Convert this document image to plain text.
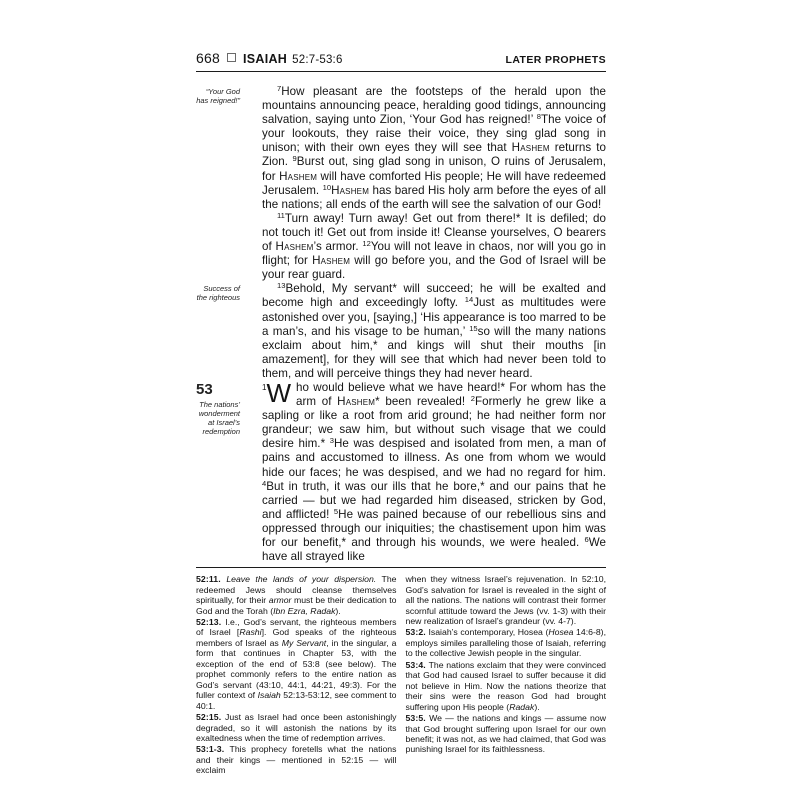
668 ISAIAH 52:7-53:6	LATER PROPHETS
“Your God has reigned!”

$^7$How pleasant are the footsteps of the herald upon the mountains announcing peace, heralding good tidings, announcing salvation, saying unto Zion, ‘Your God has reigned!’ $^8$The voice of your lookouts, they raise their voice, they sing glad song in unison; with their own eyes they will see that Hashem returns to Zion. $^9$Burst out, sing glad song in unison, O ruins of Jerusalem, for Hashem will have comforted His people; He will have redeemed Jerusalem. $^{10}$Hashem has bared His holy arm before the eyes of all the nations; all ends of the earth will see the salvation of our God!

$^{11}$Turn away! Turn away! Get out from there!* It is defiled; do not touch it! Get out from inside it! Cleanse yourselves, O bearers of Hashem’s armor. $^{12}$You will not leave in chaos, nor will you go in flight; for Hashem will go before you, and the God of Israel will be your rear guard.

Success of the righteous

$^{13}$Behold, My servant* will succeed; he will be exalted and become high and exceedingly lofty. $^{14}$Just as multitudes were astonished over you, [saying,] ‘His appearance is too marred to be a man’s, and his visage to be human,’ $^{15}$so will the many nations exclaim about him,* and kings will shut their mouths [in amazement], for they will see that which had never been told to them, and will perceive things they had never heard.

53
The nations’ wonderment at Israel’s redemption

$^1$W ho would believe what we have heard!* For whom has the arm of Hashem* been revealed! $^2$Formerly he grew like a sapling or like a root from arid ground; he had neither form nor grandeur; we saw him, but without such visage that we could desire him.* $^3$He was despised and isolated from men, a man of pains and accustomed to illness. As one from whom we would hide our faces; he was despised, and we had no regard for him. $^4$But in truth, it was our ills that he bore,* and our pains that he carried — but we had regarded him diseased, stricken by God, and afflicted! $^5$He was pained because of our rebellious sins and oppressed through our iniquities; the chastisement upon him was for our benefit,* and through his wounds, we were healed. $^6$We have all strayed like

52:11. Leave the lands of your dispersion. The redeemed Jews should cleanse themselves spiritually, for their armor must be their dedication to God and the Torah (Ibn Ezra, Radak).

52:13. I.e., God’s servant, the righteous members of Israel [Rashi]. God speaks of the righteous members of Israel as My Servant, in the singular, a form that continues in Chapter 53, with the exception of the end of 53:8 (see below). The prophet commonly refers to the entire nation as God’s servant (43:10, 44:1, 44:21, 49:3). For the fuller context of Isaiah 52:13-53:12, see comment to 40:1.

52:15. Just as Israel had once been astonishingly degraded, so it will astonish the nations by its exaltedness when the time of redemption arrives.

53:1-3. This prophecy foretells what the nations and their kings — mentioned in 52:15 — will exclaim

when they witness Israel’s rejuvenation. In 52:10, God’s salvation for Israel is revealed in the sight of all the nations. The nations will contrast their former scornful attitude toward the Jews (vv. 1-3) with their new realization of Israel’s grandeur (vv. 4-7).

53:2. Isaiah’s contemporary, Hosea (Hosea 14:6-8), employs similes paralleling those of Isaiah, referring to the collective Jewish people in the singular.

53:4. The nations exclaim that they were convinced that God had caused Israel to suffer because it did not believe in Him. Now the nations theorize that their sins were the reason God had brought suffering upon His people (Radak).

53:5. We — the nations and kings — assume now that God brought suffering upon Israel for our own benefit; it was not, as we had claimed, that God was punishing Israel for its faithlessness.
